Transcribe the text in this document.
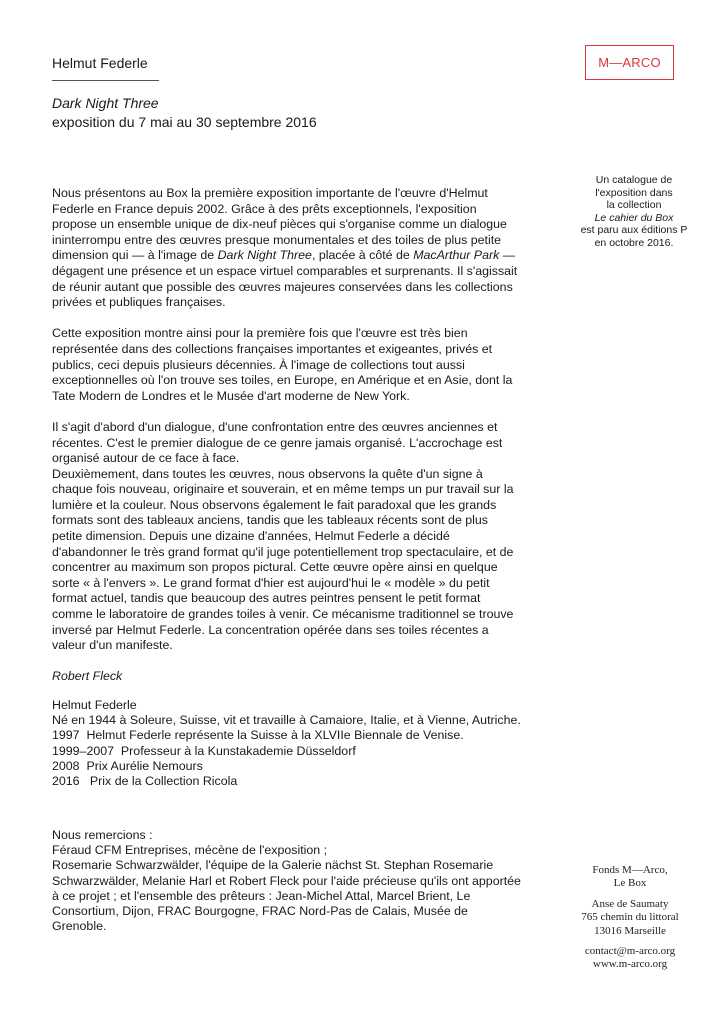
Helmut Federle
Dark Night Three
exposition du 7 mai au 30 septembre 2016
M—ARCO
Un catalogue de
l'exposition dans
la collection
Le cahier du Box
est paru aux éditions P
en octobre 2016.

Nous présentons au Box la première exposition importante de l'œuvre d'Helmut Federle en France depuis 2002. Grâce à des prêts exceptionnels, l'exposition propose un ensemble unique de dix-neuf pièces qui s'organise comme un dialogue ininterrompu entre des œuvres presque monumentales et des toiles de plus petite dimension qui — à l'image de Dark Night Three, placée à côté de MacArthur Park — dégagent une présence et un espace virtuel comparables et surprenants. Il s'agissait de réunir autant que possible des œuvres majeures conservées dans les collections privées et publiques françaises.

Cette exposition montre ainsi pour la première fois que l'œuvre est très bien représentée dans des collections françaises importantes et exigeantes, privés et publics, ceci depuis plusieurs décennies. À l'image de collections tout aussi exceptionnelles où l'on trouve ses toiles, en Europe, en Amérique et en Asie, dont la Tate Modern de Londres et le Musée d'art moderne de New York.

Il s'agit d'abord d'un dialogue, d'une confrontation entre des œuvres anciennes et récentes. C'est le premier dialogue de ce genre jamais organisé. L'accrochage est organisé autour de ce face à face.

Deuxièmement, dans toutes les œuvres, nous observons la quête d'un signe à chaque fois nouveau, originaire et souverain, et en même temps un pur travail sur la lumière et la couleur. Nous observons également le fait paradoxal que les grands formats sont des tableaux anciens, tandis que les tableaux récents sont de plus petite dimension. Depuis une dizaine d'années, Helmut Federle a décidé d'abandonner le très grand format qu'il juge potentiellement trop spectaculaire, et de concentrer au maximum son propos pictural. Cette œuvre opère ainsi en quelque sorte « à l'envers ». Le grand format d'hier est aujourd'hui le « modèle » du petit format actuel, tandis que beaucoup des autres peintres pensent le petit format comme le laboratoire de grandes toiles à venir. Ce mécanisme traditionnel se trouve inversé par Helmut Federle. La concentration opérée dans ses toiles récentes a valeur d'un manifeste.

Robert Fleck

Helmut Federle
Né en 1944 à Soleure, Suisse, vit et travaille à Camaiore, Italie, et à Vienne, Autriche.
1997 Helmut Federle représente la Suisse à la XLVIIe Biennale de Venise.
1999–2007 Professeur à la Kunstakademie Düsseldorf
2008 Prix Aurélie Nemours
2016 Prix de la Collection Ricola
Nous remercions :
Féraud CFM Entreprises, mécène de l'exposition ;
Rosemarie Schwarzwälder, l'équipe de la Galerie nächst St. Stephan Rosemarie Schwarzwälder, Melanie Harl et Robert Fleck pour l'aide précieuse qu'ils ont apportée à ce projet ; et l'ensemble des prêteurs : Jean-Michel Attal, Marcel Brient, Le Consortium, Dijon, FRAC Bourgogne, FRAC Nord-Pas de Calais, Musée de Grenoble.
Fonds M—Arco,
Le Box
Anse de Saumaty
765 chemin du littoral
13016 Marseille
contact@m-arco.org
www.m-arco.org
